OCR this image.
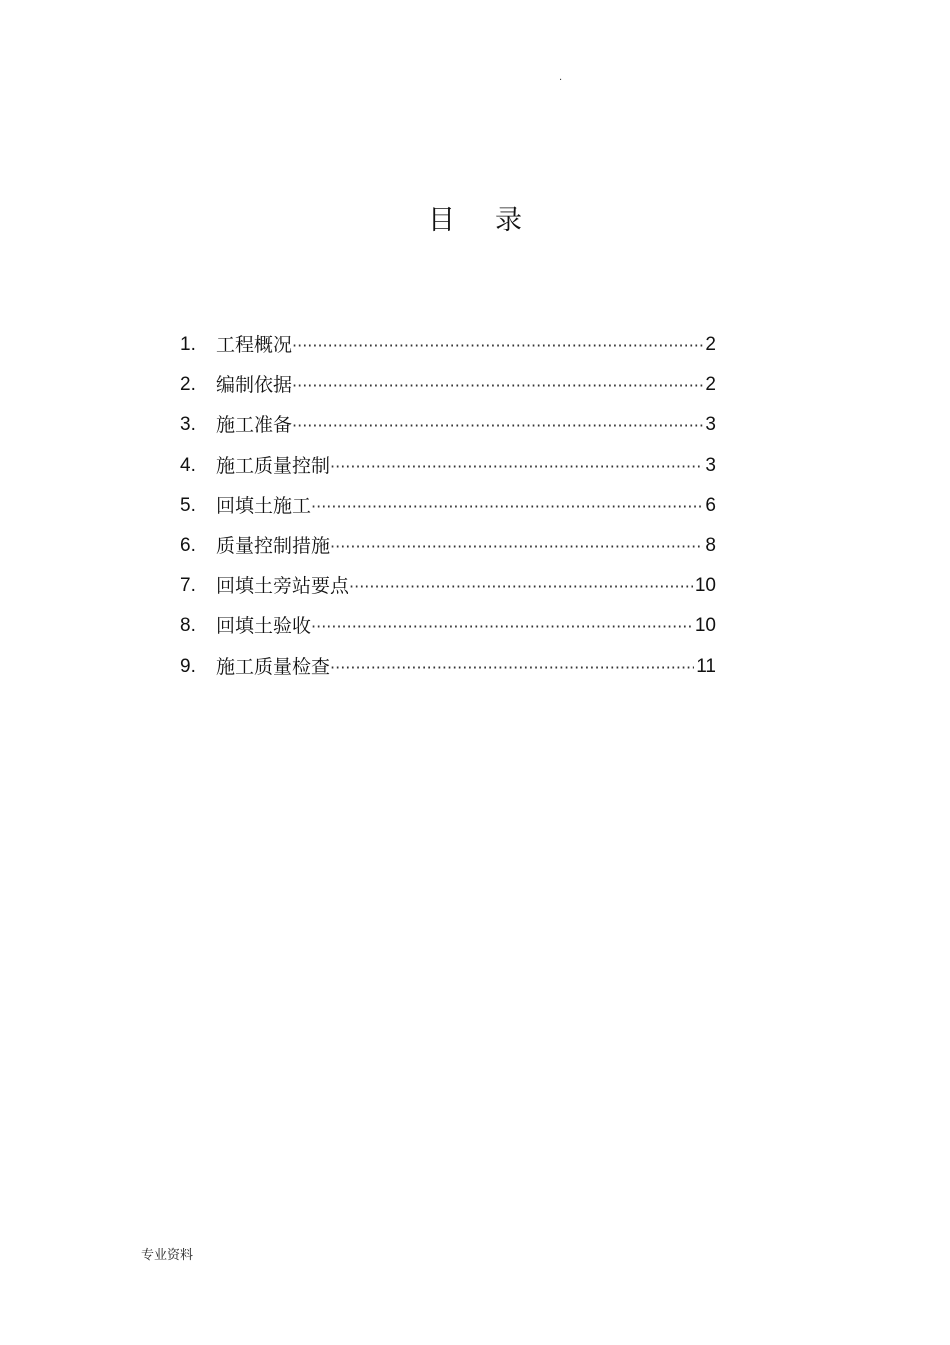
.
目 录
1.	工程概况 ·····	2
2.	编制依据 ·····	2
3.	施工准备 ·····	3
4.	施工质量控制 ·····	3
5.	回填土施工 ·····	6
6.	质量控制措施 ·····	8
7.	回填土旁站要点 ·····	10
8.	回填土验收 ·····	10
9.	施工质量检查 ·····	11
专业资料
